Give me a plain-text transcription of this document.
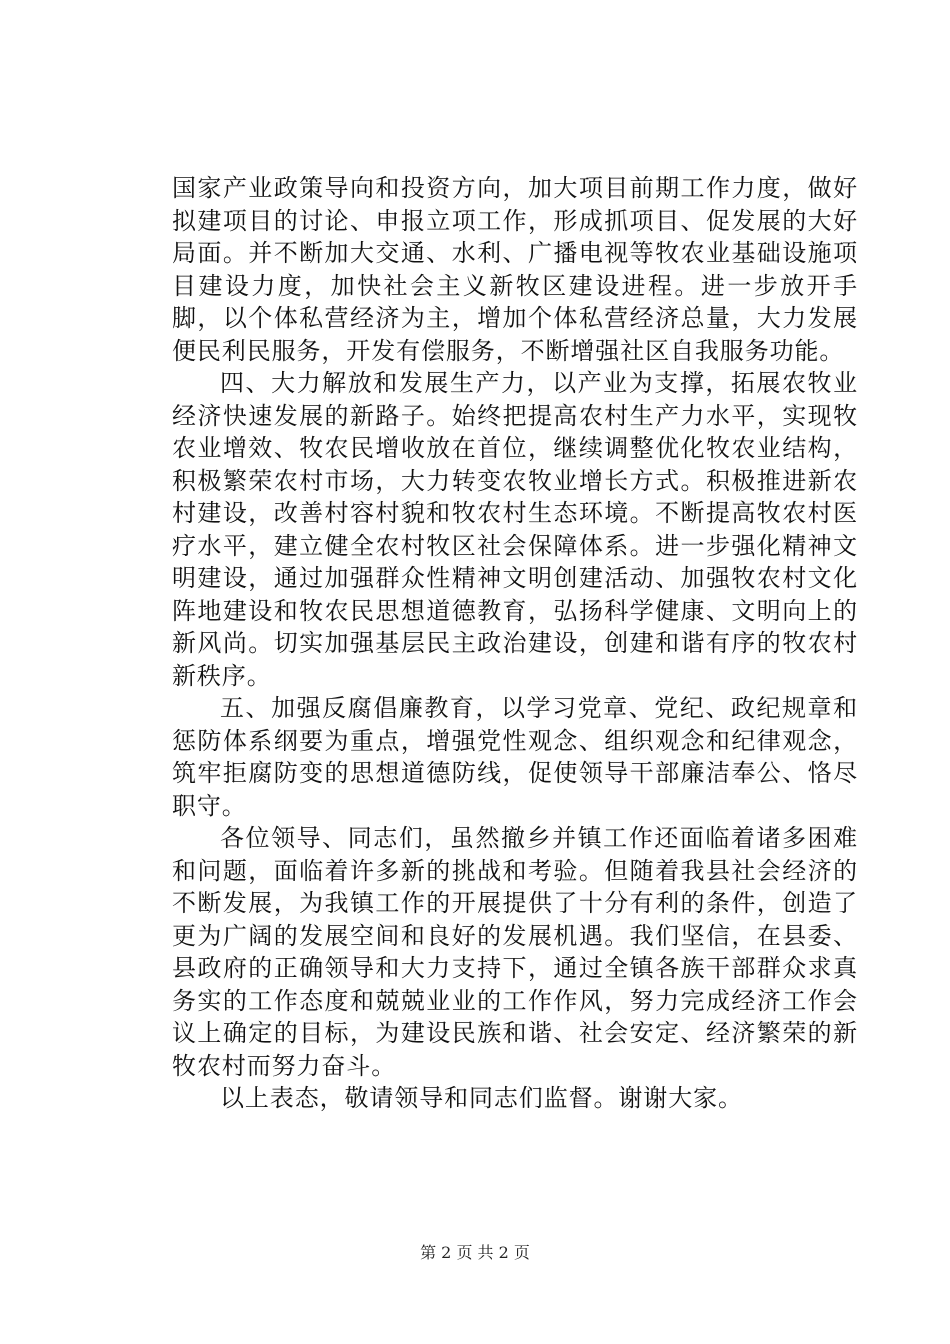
国家产业政策导向和投资方向，加大项目前期工作力度，做好拟建项目的讨论、申报立项工作，形成抓项目、促发展的大好局面。并不断加大交通、水利、广播电视等牧农业基础设施项目建设力度，加快社会主义新牧区建设进程。进一步放开手脚，以个体私营经济为主，增加个体私营经济总量，大力发展便民利民服务，开发有偿服务，不断增强社区自我服务功能。

四、大力解放和发展生产力，以产业为支撑，拓展农牧业经济快速发展的新路子。始终把提高农村生产力水平，实现牧农业增效、牧农民增收放在首位，继续调整优化牧农业结构，积极繁荣农村市场，大力转变农牧业增长方式。积极推进新农村建设，改善村容村貌和牧农村生态环境。不断提高牧农村医疗水平，建立健全农村牧区社会保障体系。进一步强化精神文明建设，通过加强群众性精神文明创建活动、加强牧农村文化阵地建设和牧农民思想道德教育，弘扬科学健康、文明向上的新风尚。切实加强基层民主政治建设，创建和谐有序的牧农村新秩序。

五、加强反腐倡廉教育，以学习党章、党纪、政纪规章和惩防体系纲要为重点，增强党性观念、组织观念和纪律观念，筑牢拒腐防变的思想道德防线，促使领导干部廉洁奉公、恪尽职守。

各位领导、同志们，虽然撤乡并镇工作还面临着诸多困难和问题，面临着许多新的挑战和考验。但随着我县社会经济的不断发展，为我镇工作的开展提供了十分有利的条件，创造了更为广阔的发展空间和良好的发展机遇。我们坚信，在县委、县政府的正确领导和大力支持下，通过全镇各族干部群众求真务实的工作态度和兢兢业业的工作作风，努力完成经济工作会议上确定的目标，为建设民族和谐、社会安定、经济繁荣的新牧农村而努力奋斗。

以上表态，敬请领导和同志们监督。谢谢大家。

第 2 页 共 2 页
